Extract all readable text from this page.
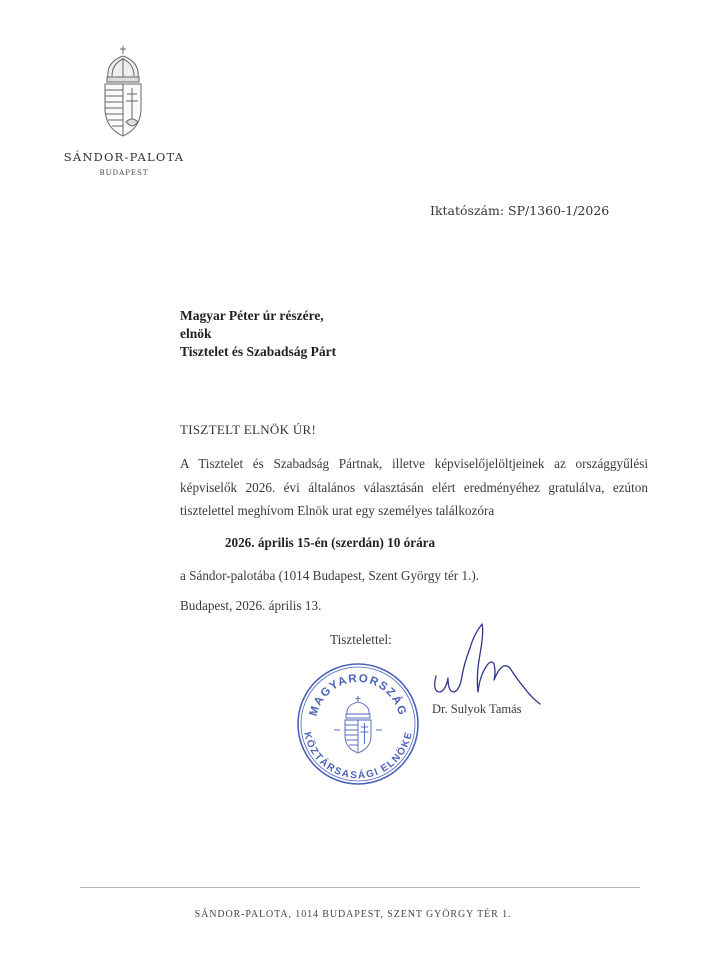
SÁNDOR-PALOTA
BUDAPEST
Iktatószám: SP/1360-1/2026
Magyar Péter úr részére,
elnök
Tisztelet és Szabadság Párt
TISZTELT ELNÖK ÚR!
A Tisztelet és Szabadság Pártnak, illetve képviselőjelöltjeinek az országgyűlési
képviselők 2026. évi általános választásán elért eredményéhez gratulálva, ezúton
tisztelettel meghívom Elnök urat egy személyes találkozóra
2026. április 15-én (szerdán) 10 órára
a Sándor-palotába (1014 Budapest, Szent György tér 1.).
Budapest, 2026. április 13.
Tisztelettel:
MAGYARORSZÁG
KÖZTÁRSASÁGI ELNÖKE
Dr. Sulyok Tamás
SÁNDOR-PALOTA, 1014 BUDAPEST, SZENT GYÖRGY TÉR 1.
